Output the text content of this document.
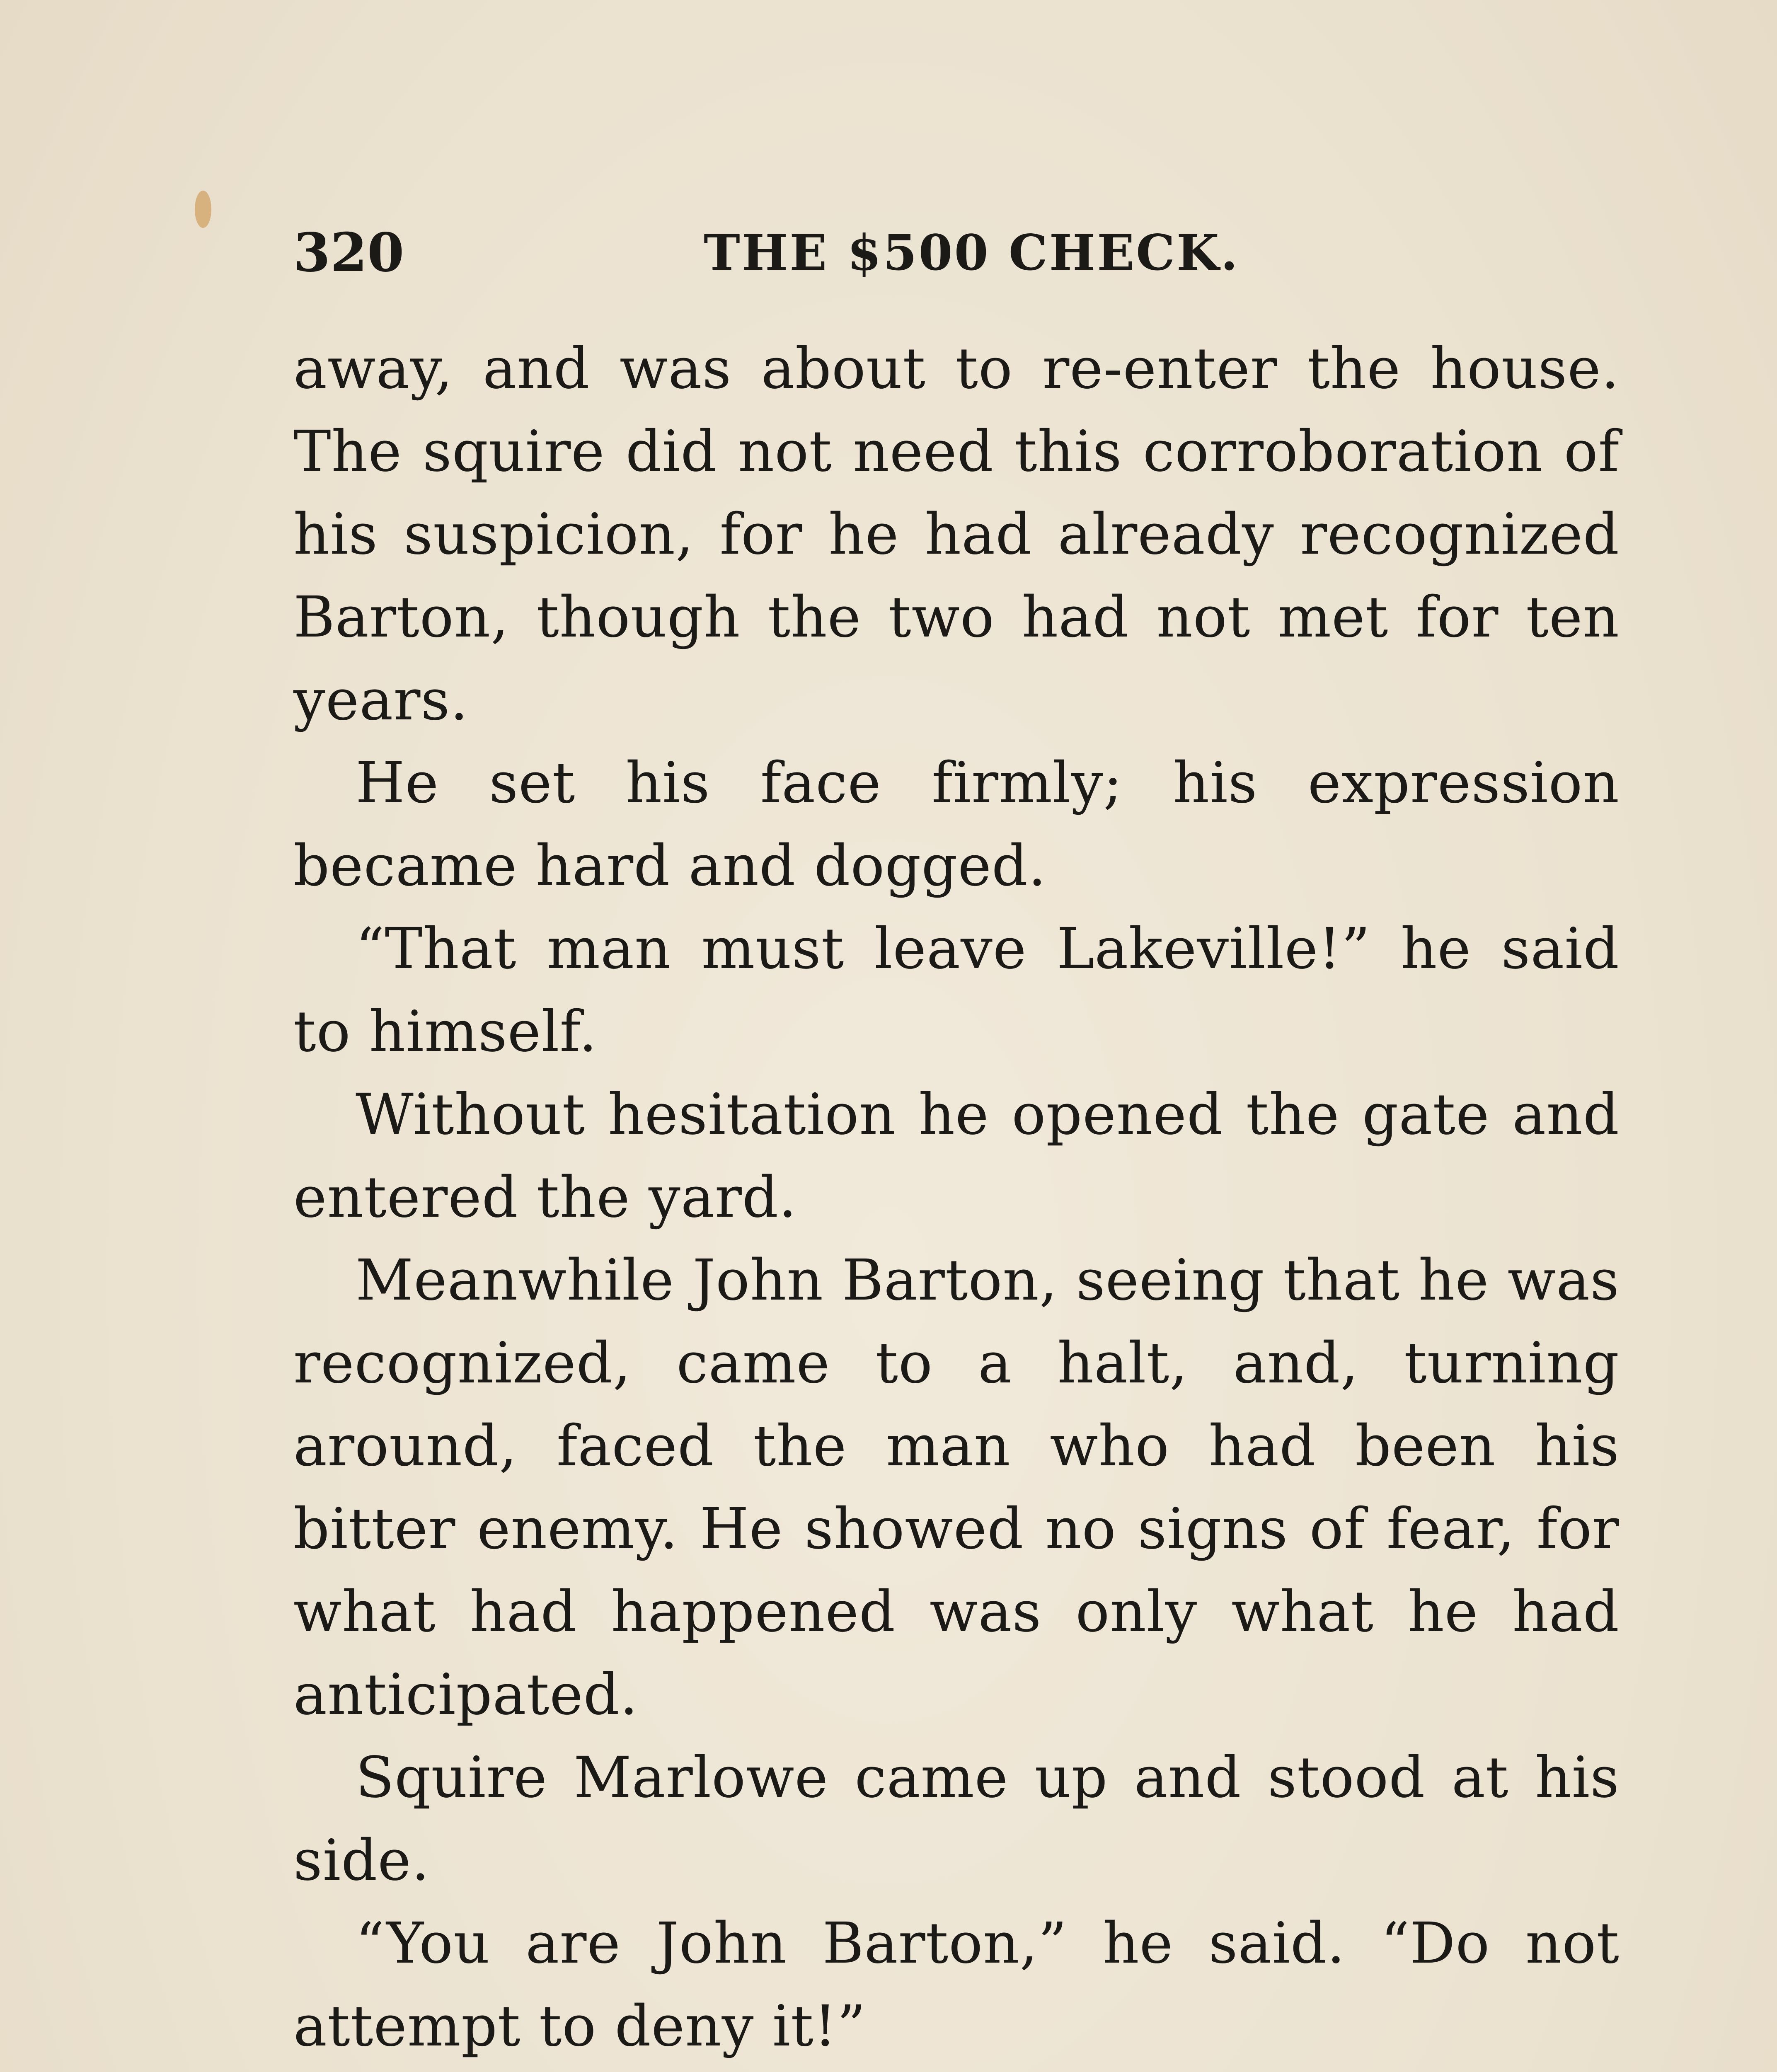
320	THE $500 CHECK.

away, and was about to re-enter the house. The squire did not need this corroboration of his suspicion, for he had already recognized Barton, though the two had not met for ten years.

He set his face firmly; his expression became hard and dogged.

“That man must leave Lakeville!” he said to himself.

Without hesitation he opened the gate and entered the yard.

Meanwhile John Barton, seeing that he was recognized, came to a halt, and, turning around, faced the man who had been his bitter enemy. He showed no signs of fear, for what had happened was only what he had anticipated.

Squire Marlowe came up and stood at his side.

“You are John Barton,” he said. “Do not attempt to deny it!”
